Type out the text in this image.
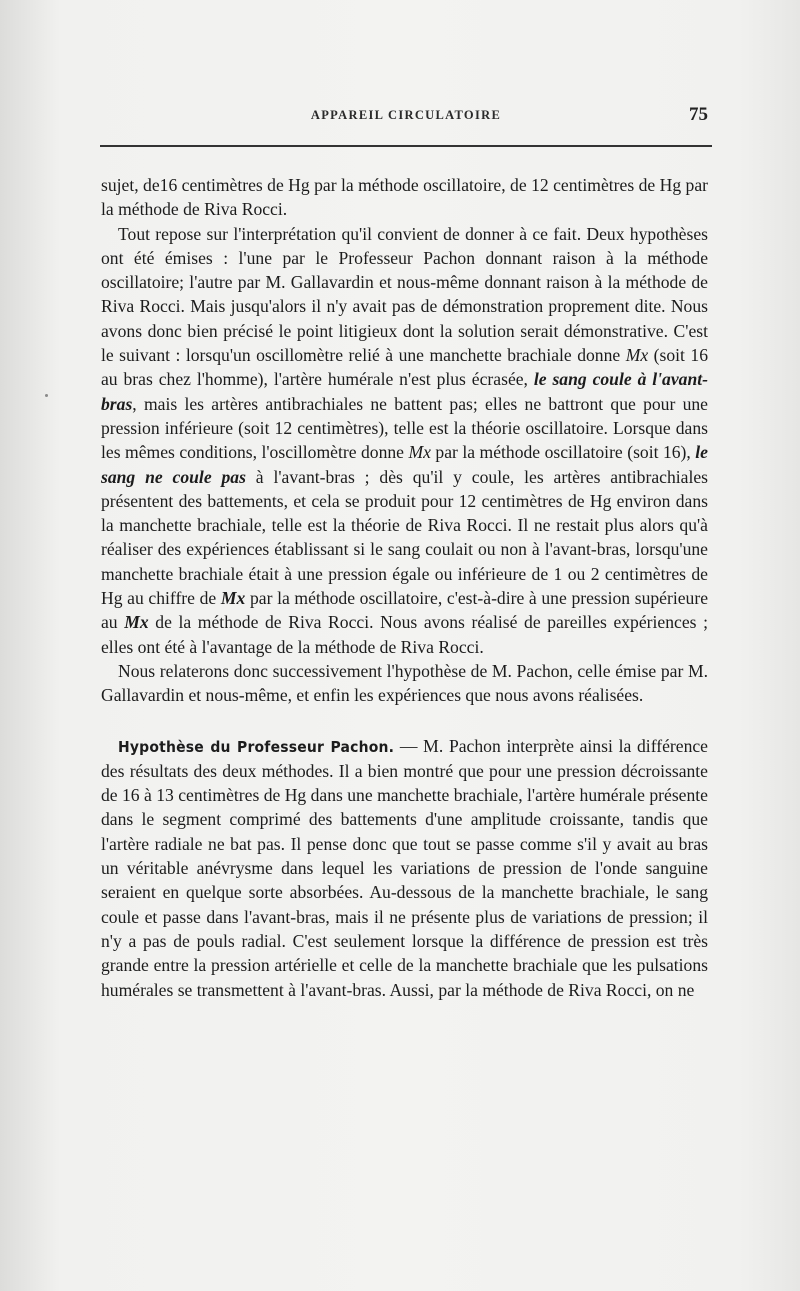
APPAREIL CIRCULATOIRE	75

sujet, de16 centimètres de Hg par la méthode oscillatoire, de 12 centimètres de Hg par la méthode de Riva Rocci.

Tout repose sur l'interprétation qu'il convient de donner à ce fait. Deux hypothèses ont été émises : l'une par le Professeur Pachon donnant raison à la méthode oscillatoire; l'autre par M. Gallavardin et nous-même donnant raison à la méthode de Riva Rocci. Mais jusqu'alors il n'y avait pas de démonstration proprement dite. Nous avons donc bien précisé le point litigieux dont la solution serait démonstrative. C'est le suivant : lorsqu'un oscillomètre relié à une manchette brachiale donne Mx (soit 16 au bras chez l'homme), l'artère humérale n'est plus écrasée, le sang coule à l'avant-bras, mais les artères antibrachiales ne battent pas; elles ne battront que pour une pression inférieure (soit 12 centimètres), telle est la théorie oscillatoire. Lorsque dans les mêmes conditions, l'oscillomètre donne Mx par la méthode oscillatoire (soit 16), le sang ne coule pas à l'avant-bras ; dès qu'il y coule, les artères antibrachiales présentent des battements, et cela se produit pour 12 centimètres de Hg environ dans la manchette brachiale, telle est la théorie de Riva Rocci. Il ne restait plus alors qu'à réaliser des expériences établissant si le sang coulait ou non à l'avant-bras, lorsqu'une manchette brachiale était à une pression égale ou inférieure de 1 ou 2 centimètres de Hg au chiffre de Mx par la méthode oscillatoire, c'est-à-dire à une pression supérieure au Mx de la méthode de Riva Rocci. Nous avons réalisé de pareilles expériences ; elles ont été à l'avantage de la méthode de Riva Rocci.

Nous relaterons donc successivement l'hypothèse de M. Pachon, celle émise par M. Gallavardin et nous-même, et enfin les expériences que nous avons réalisées.

Hypothèse du Professeur Pachon. — M. Pachon interprète ainsi la différence des résultats des deux méthodes. Il a bien montré que pour une pression décroissante de 16 à 13 centimètres de Hg dans une manchette brachiale, l'artère humérale présente dans le segment comprimé des battements d'une amplitude croissante, tandis que l'artère radiale ne bat pas. Il pense donc que tout se passe comme s'il y avait au bras un véritable anévrysme dans lequel les variations de pression de l'onde sanguine seraient en quelque sorte absorbées. Au-dessous de la manchette brachiale, le sang coule et passe dans l'avant-bras, mais il ne présente plus de variations de pression; il n'y a pas de pouls radial. C'est seulement lorsque la différence de pression est très grande entre la pression artérielle et celle de la manchette brachiale que les pulsations humérales se transmettent à l'avant-bras. Aussi, par la méthode de Riva Rocci, on ne
